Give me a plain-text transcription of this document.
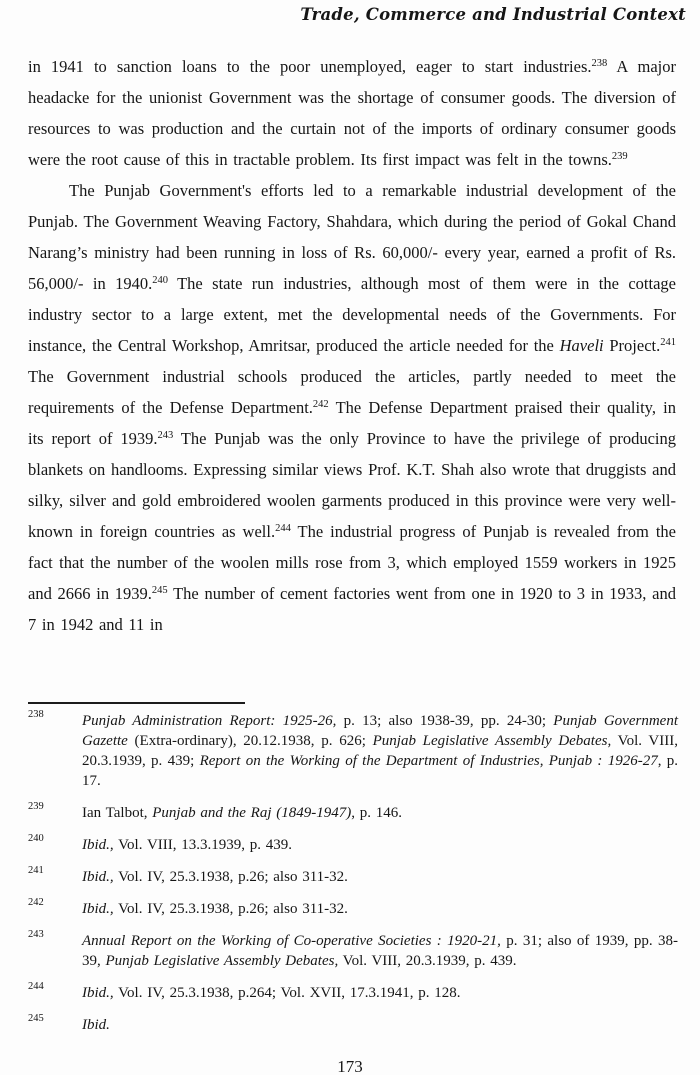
Trade, Commerce and Industrial Context

in 1941 to sanction loans to the poor unemployed, eager to start industries.$^{238}$ A major headacke for the unionist Government was the shortage of consumer goods. The diversion of resources to was production and the curtain not of the imports of ordinary consumer goods were the root cause of this in tractable problem. Its first impact was felt in the towns.$^{239}$

The Punjab Government's efforts led to a remarkable industrial development of the Punjab. The Government Weaving Factory, Shahdara, which during the period of Gokal Chand Narang’s ministry had been running in loss of Rs. 60,000/- every year, earned a profit of Rs. 56,000/- in 1940.$^{240}$ The state run industries, although most of them were in the cottage industry sector to a large extent, met the developmental needs of the Governments. For instance, the Central Workshop, Amritsar, produced the article needed for the Haveli Project.$^{241}$ The Government industrial schools produced the articles, partly needed to meet the requirements of the Defense Department.$^{242}$ The Defense Department praised their quality, in its report of 1939.$^{243}$ The Punjab was the only Province to have the privilege of producing blankets on handlooms. Expressing similar views Prof. K.T. Shah also wrote that druggists and silky, silver and gold embroidered woolen garments produced in this province were very well-known in foreign countries as well.$^{244}$ The industrial progress of Punjab is revealed from the fact that the number of the woolen mills rose from 3, which employed 1559 workers in 1925 and 2666 in 1939.$^{245}$ The number of cement factories went from one in 1920 to 3 in 1933, and 7 in 1942 and 11 in

238	Punjab Administration Report: 1925-26, p. 13; also 1938-39, pp. 24-30; Punjab Government Gazette (Extra-ordinary), 20.12.1938, p. 626; Punjab Legislative Assembly Debates, Vol. VIII, 20.3.1939, p. 439; Report on the Working of the Department of Industries, Punjab : 1926-27, p. 17.
239	Ian Talbot, Punjab and the Raj (1849-1947), p. 146.
240	Ibid., Vol. VIII, 13.3.1939, p. 439.
241	Ibid., Vol. IV, 25.3.1938, p.26; also 311-32.
242	Ibid., Vol. IV, 25.3.1938, p.26; also 311-32.
243	Annual Report on the Working of Co-operative Societies : 1920-21, p. 31; also of 1939, pp. 38-39, Punjab Legislative Assembly Debates, Vol. VIII, 20.3.1939, p. 439.
244	Ibid., Vol. IV, 25.3.1938, p.264; Vol. XVII, 17.3.1941, p. 128.
245	Ibid.
173
